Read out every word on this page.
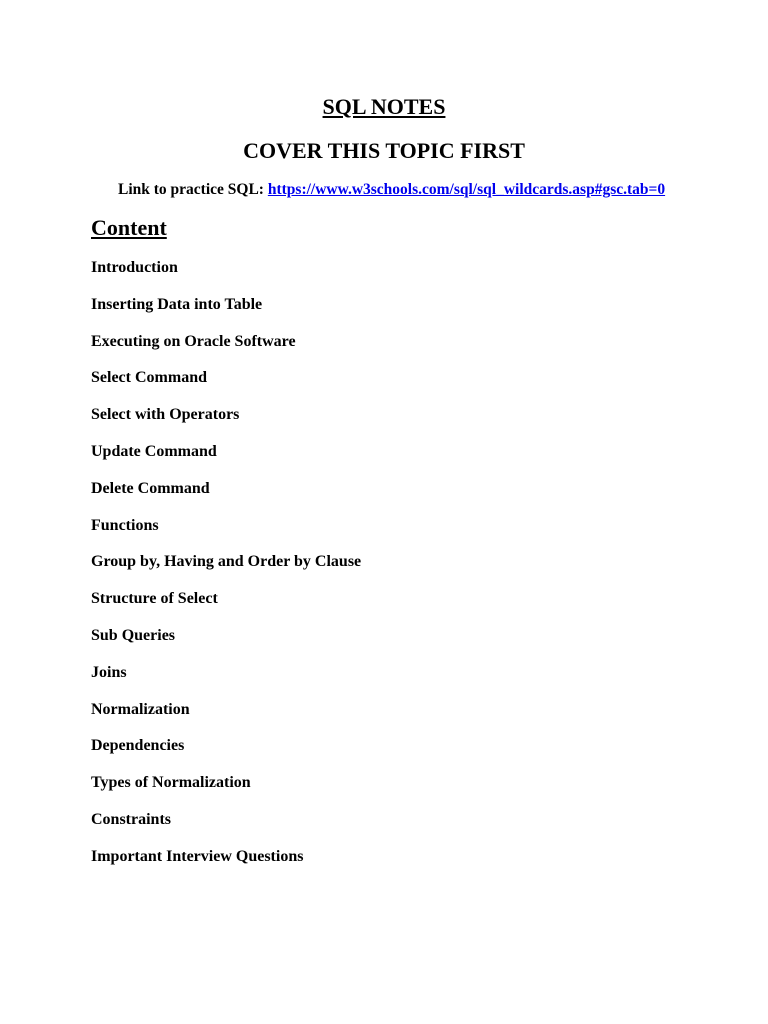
SQL NOTES
COVER THIS TOPIC FIRST
Link to practice SQL: https://www.w3schools.com/sql/sql_wildcards.asp#gsc.tab=0
Content
Introduction
Inserting Data into Table
Executing on Oracle Software
Select Command
Select with Operators
Update Command
Delete Command
Functions
Group by, Having and Order by Clause
Structure of Select
Sub Queries
Joins
Normalization
Dependencies
Types of Normalization
Constraints
Important Interview Questions
